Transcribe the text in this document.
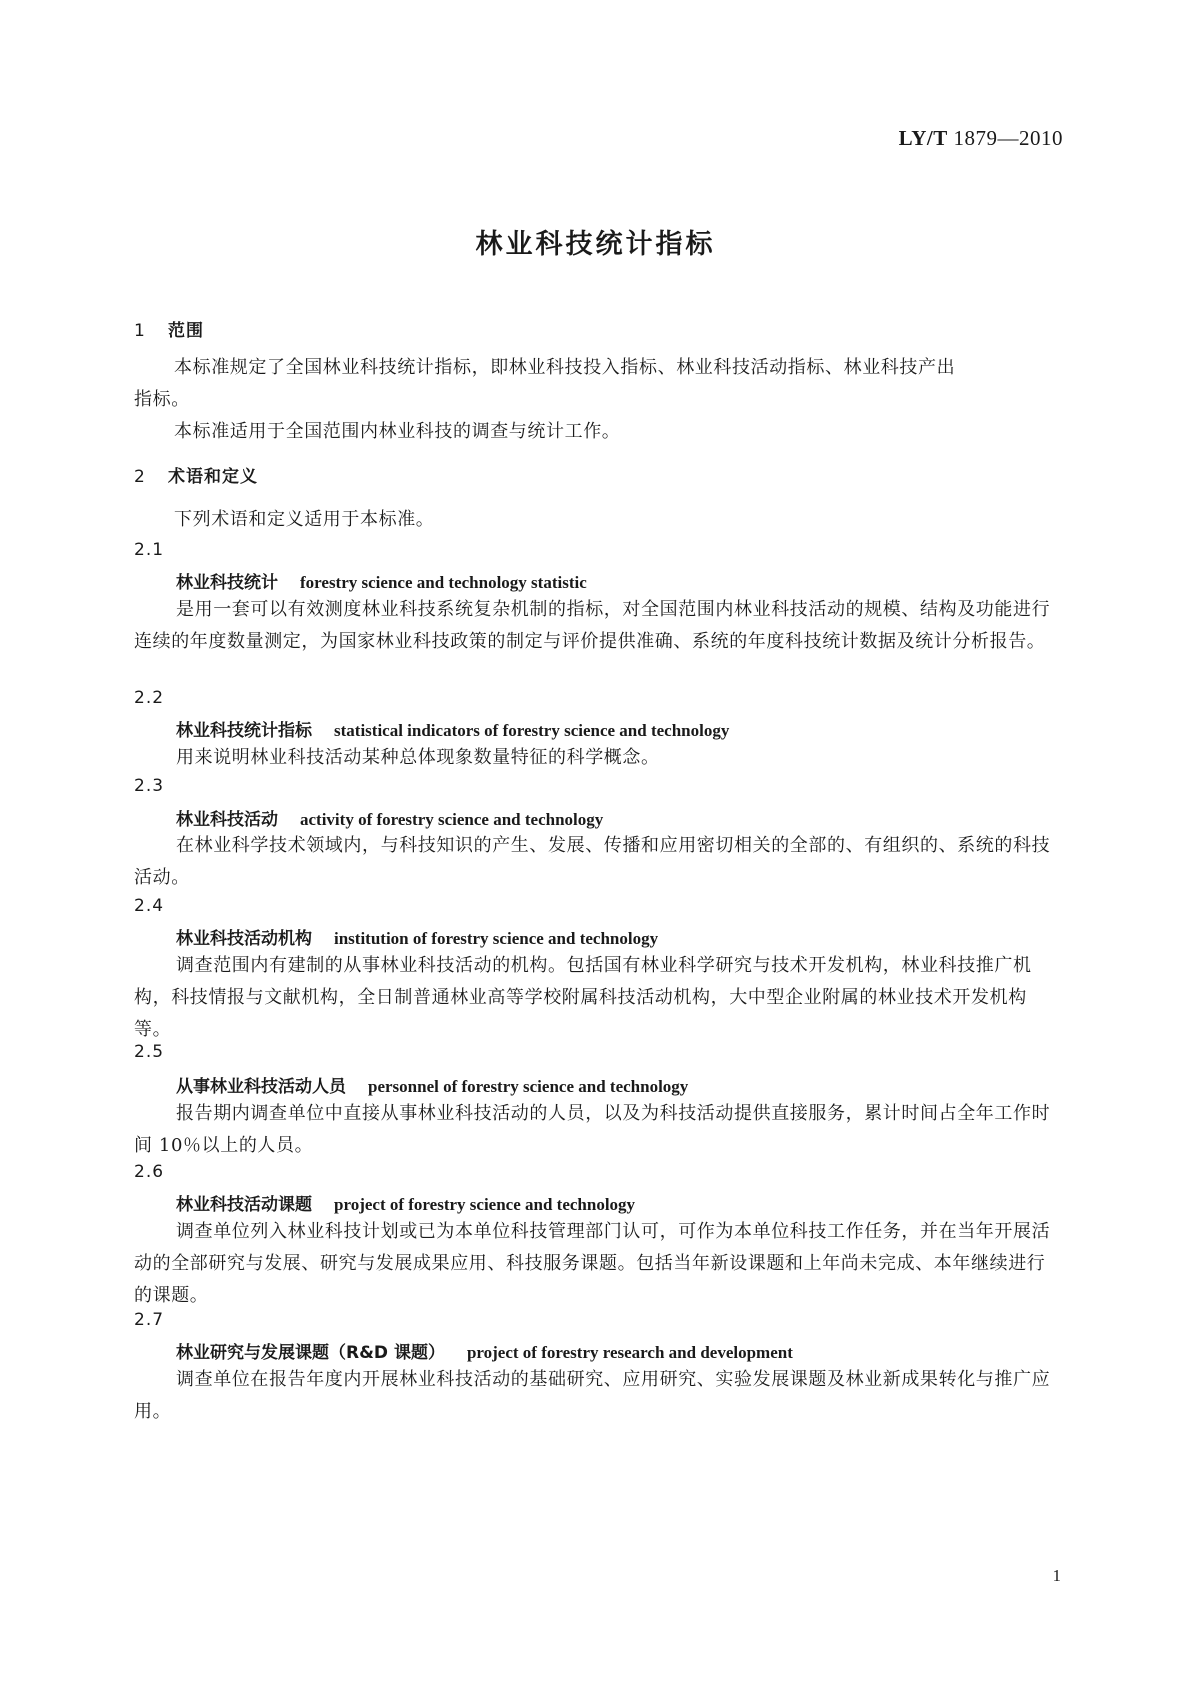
LY/T 1879—2010
林业科技统计指标
1 范围
本标准规定了全国林业科技统计指标，即林业科技投入指标、林业科技活动指标、林业科技产出
指标。
本标准适用于全国范围内林业科技的调查与统计工作。
2 术语和定义
下列术语和定义适用于本标准。
2.1
林业科技统计 forestry science and technology statistic
是用一套可以有效测度林业科技系统复杂机制的指标，对全国范围内林业科技活动的规模、结构及功能进行连续的年度数量测定，为国家林业科技政策的制定与评价提供准确、系统的年度科技统计数据及统计分析报告。
2.2
林业科技统计指标 statistical indicators of forestry science and technology
用来说明林业科技活动某种总体现象数量特征的科学概念。
2.3
林业科技活动 activity of forestry science and technology
在林业科学技术领域内，与科技知识的产生、发展、传播和应用密切相关的全部的、有组织的、系统的科技活动。
2.4
林业科技活动机构 institution of forestry science and technology
调查范围内有建制的从事林业科技活动的机构。包括国有林业科学研究与技术开发机构，林业科技推广机构，科技情报与文献机构，全日制普通林业高等学校附属科技活动机构，大中型企业附属的林业技术开发机构等。
2.5
从事林业科技活动人员 personnel of forestry science and technology
报告期内调查单位中直接从事林业科技活动的人员，以及为科技活动提供直接服务，累计时间占全年工作时间 10％以上的人员。
2.6
林业科技活动课题 project of forestry science and technology
调查单位列入林业科技计划或已为本单位科技管理部门认可，可作为本单位科技工作任务，并在当年开展活动的全部研究与发展、研究与发展成果应用、科技服务课题。包括当年新设课题和上年尚未完成、本年继续进行的课题。
2.7
林业研究与发展课题（R&D 课题） project of forestry research and development
调查单位在报告年度内开展林业科技活动的基础研究、应用研究、实验发展课题及林业新成果转化与推广应用。
1
